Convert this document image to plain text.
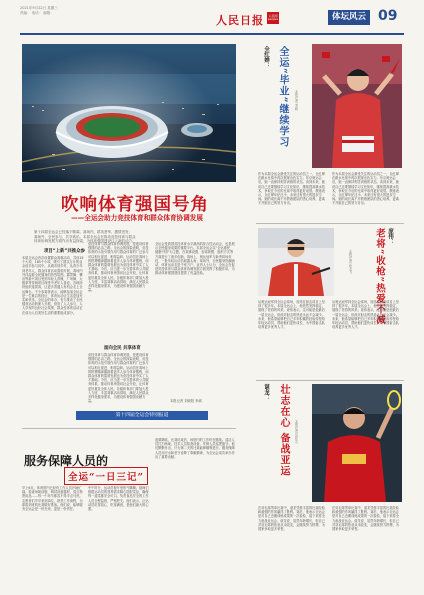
2021年9月22日 星期三
责编： 电话： 邮箱：
人民日报	人民网 people	体坛风云 09
吹响体育强国号角
——全运会助力竞技体育和群众体育协调发展
第十四届全运会已经落下帷幕。赛场内，群英荟萃、激情迸发；
赛场外，全民参与、共享欢乐。本届全运会在推动竞技体育与群众
体育协调发展方面作出有益探索，为体育强国建设注入新的动力。
项目“上新”共推众参
本届全运会首次设置群众赛事活动，共设19个大项、185个小项，吸引了数以万计的业余选手参与其中。从城市到乡村，从青少年到老年人，群众体育活动蓬勃开展，赛场内外洋溢着全民健身的热烈氛围。霹雳舞、攀岩等新兴项目受到年轻人青睐，广场舞、太极拳等传统项目深受中老年人喜爱。各地纷纷组织选拔赛，让更多普通人有机会走上全运舞台。不少参赛者表示，能够参加全运会是一生难忘的经历，体育运动让生活更加充实和快乐。全运会的举办，有力推动了全民健身运动的深入开展，营造了人人参与、人人享有的良好社会氛围，群众性体育活动正在成为人们美好生活的重要组成部分。
竞技体育与群众体育协调发展，是建设体育强国的必由之路。全运会的探索表明，竞技体育的示范引领作用与群众体育的广泛参与可以相互促进、相得益彰。运动员在赛场上的拼搏精神激励着更多人参与体育锻炼，而群众体育的蓬勃发展也为竞技体育夯实了人才基础。今后，应当进一步完善体育公共服务体系，推动体育场馆向社会开放，让体育更好惠及全体人民。各级体育部门要加大投入力度，丰富赛事活动供给，满足人民群众多样化健身需求，为建设体育强国贡献力量。
面向全民 共享体育
竞技体育与群众体育协调发展，是建设体育强国的必由之路。全运会的探索表明，竞技体育的示范引领作用与群众体育的广泛参与可以相互促进、相得益彰。运动员在赛场上的拼搏精神激励着更多人参与体育锻炼，而群众体育的蓬勃发展也为竞技体育夯实了人才基础。今后，应当进一步完善体育公共服务体系，推动体育场馆向社会开放，让体育更好惠及全体人民。各级体育部门要加大投入力度，丰富赛事活动供给，满足人民群众多样化健身需求，为建设体育强国贡献力量。
全运会是我国竞技体育水平最高的综合性运动会，也是展示全民健身成果的重要平台。本届全运会以“全运惠民、健康中国”为主题，在赛事设置、参赛规模、组织方式等方面进行了诸多创新。赛场上，奥运冠军与新秀同场竞技，一批年轻运动员崭露头角；赛场外，全民健身热潮涌动，体育运动走进千家万户。业内人士认为，全运会在促进竞技体育与群众体育协调发展方面发挥了积极作用，为推动体育强国建设提供了有益经验。
本报记者 刘硕阳 李硕
第十四届全运会特别报道
服务保障人员的
全运“一日三记”
早上6点，体育馆内已经有工作人员开始忙碌。检查场地设施、调试设备器材、清点物资用品……每一个环节都容不得半点马虎。志愿者们早早来到岗位，熟悉工作流程，为即将到来的比赛做好准备。他们说，能够服务全运会是一份光荣，更是一份责任。
中午时分，运动员餐厅里热气腾腾。厨师们根据运动员的营养需求精心搭配菜品，确保每一道菜都安全可口。负责食品安全的工作人员全程监督，严格把关。他们表示，让运动员吃得放心、吃得满意，是他们最大的心愿。
夜幕降临，比赛结束后，场馆内的工作仍在继续。清洁人员打扫场地，技术人员检查设备，安保人员巡逻值守。他们默默付出，只为第二天的比赛能够顺利进行。服务保障人员用汗水和坚守诠释了奉献精神，为全运会成功举办作出了重要贡献。
全红婵： 全运“毕业”继续学习	本报记者 李硕
作为本届全运会最受关注的运动员之一，全红婵在跳水比赛中再次展现出色实力。东京奥运会后，她一直保持刻苦训练的状态。谈到未来，她说自己还要继续学习文化知识，继续提高跳水技术，争取在今后的比赛中取得更好成绩。教练表示，全红婵年纪还小，未来还有很大的进步空间。她的成长离不开教练团队的悉心培养，更离不开她自己的努力付出。
作为本届全运会最受关注的运动员之一，全红婵在跳水比赛中再次展现出色实力。东京奥运会后，她一直保持刻苦训练的状态。谈到未来，她说自己还要继续学习文化知识，继续提高跳水技术，争取在今后的比赛中取得更好成绩。教练表示，全红婵年纪还小，未来还有很大的进步空间。她的成长离不开教练团队的悉心培养，更离不开她自己的努力付出。
老将“收枪”热爱不减 庞伟：
本报记者 孙龙飞
从奥运冠军到全运会赛场，庞伟在射击项目上坚持了很多年。本届全运会上，他依然发挥稳定，展现了老将的风采。庞伟表示，这可能是他最后一届全运会，但他对射击的热爱永远不会减少。未来，他希望能够把自己多年积累的经验传授给年轻运动员，帮助他们更快成长，为中国射击队培养更多优秀人才。
从奥运冠军到全运会赛场，庞伟在射击项目上坚持了很多年。本届全运会上，他依然发挥稳定，展现了老将的风采。庞伟表示，这可能是他最后一届全运会，但他对射击的热爱永远不会减少。未来，他希望能够把自己多年积累的经验传授给年轻运动员，帮助他们更快成长，为中国射击队培养更多优秀人才。
谌龙： 壮志在心 备战亚运	本报记者 范佳元
在羽毛球男单比赛中，谌龙凭借丰富的比赛经验和顽强的作风赢得了胜利。赛后，他表示全运会是对自己近期训练成果的一次检验，接下来将全力备战亚运会。谌龙说，虽然年龄增长，但自己对羽毛球的热爱从未改变，会继续努力拼搏，为国家争取更多荣誉。
在羽毛球男单比赛中，谌龙凭借丰富的比赛经验和顽强的作风赢得了胜利。赛后，他表示全运会是对自己近期训练成果的一次检验，接下来将全力备战亚运会。谌龙说，虽然年龄增长，但自己对羽毛球的热爱从未改变，会继续努力拼搏，为国家争取更多荣誉。
